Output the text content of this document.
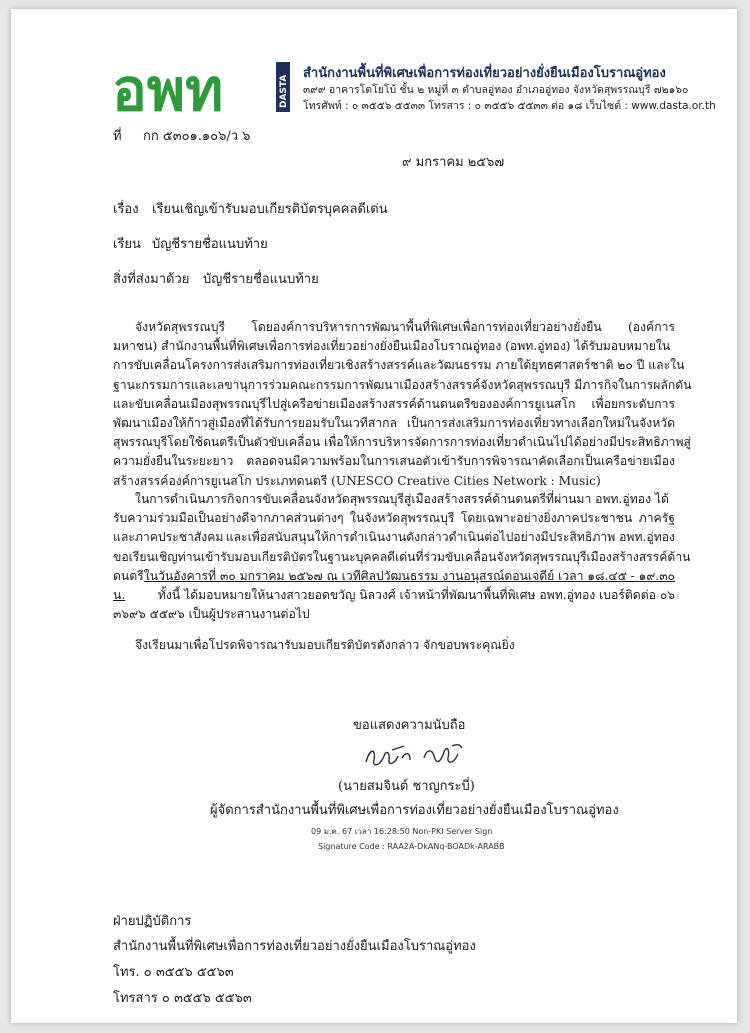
อพท	DASTA
สำนักงานพื้นที่พิเศษเพื่อการท่องเที่ยวอย่างยั่งยืนเมืองโบราณอู่ทอง
๓๙๙ อาคารโตโยโบ้ ชั้น ๒ หมู่ที่ ๓ ตำบลอู่ทอง อำเภออู่ทอง จังหวัดสุพรรณบุรี ๗๒๑๖๐
โทรศัพท์ : ๐ ๓๕๕๖ ๕๕๓๓ โทรสาร : ๐ ๓๕๕๖ ๕๕๓๓ ต่อ ๑๘ เว็บไซต์ : www.dasta.or.th
ที่ กก ๕๓๐๑.๑๐๖/ว ๖
๙ มกราคม ๒๕๖๗
เรื่อง เรียนเชิญเข้ารับมอบเกียรติบัตรบุคคลดีเด่น
เรียน บัญชีรายชื่อแนบท้าย
สิ่งที่ส่งมาด้วย บัญชีรายชื่อแนบท้าย
จังหวัดสุพรรณบุรี โดยองค์การบริหารการพัฒนาพื้นที่พิเศษเพื่อการท่องเที่ยวอย่างยั่งยืน (องค์การ
มหาชน) สำนักงานพื้นที่พิเศษเพื่อการท่องเที่ยวอย่างยั่งยืนเมืองโบราณอู่ทอง (อพท.อู่ทอง) ได้รับมอบหมายใน
การขับเคลื่อนโครงการส่งเสริมการท่องเที่ยวเชิงสร้างสรรค์และวัฒนธรรม ภายใต้ยุทธศาสตร์ชาติ ๒๐ ปี และใน
ฐานะกรรมการและเลขานุการร่วมคณะกรรมการพัฒนาเมืองสร้างสรรค์จังหวัดสุพรรณบุรี มีภารกิจในการผลักดัน
และขับเคลื่อนเมืองสุพรรณบุรีไปสู่เครือข่ายเมืองสร้างสรรค์ด้านดนตรีขององค์การยูเนสโก เพื่อยกระดับการ
พัฒนาเมืองให้ก้าวสู่เมืองที่ได้รับการยอมรับในเวทีสากล เป็นการส่งเสริมการท่องเที่ยวทางเลือกใหม่ในจังหวัด
สุพรรณบุรีโดยใช้ดนตรีเป็นตัวขับเคลื่อน เพื่อให้การบริหารจัดการการท่องเที่ยวดำเนินไปได้อย่างมีประสิทธิภาพสู่
ความยั่งยืนในระยะยาว ตลอดจนมีความพร้อมในการเสนอตัวเข้ารับการพิจารณาคัดเลือกเป็นเครือข่ายเมือง
สร้างสรรค์องค์การยูเนสโก ประเภทดนตรี (UNESCO Creative Cities Network : Music)
ในการดำเนินภารกิจการขับเคลื่อนจังหวัดสุพรรณบุรีสู่เมืองสร้างสรรค์ด้านดนตรีที่ผ่านมา อพท.อู่ทอง ได้
รับความร่วมมือเป็นอย่างดีจากภาคส่วนต่างๆ ในจังหวัดสุพรรณบุรี โดยเฉพาะอย่างยิ่งภาคประชาชน ภาครัฐ
และภาคประชาสังคม และเพื่อสนับสนุนให้การดำเนินงานดังกล่าวดำเนินต่อไปอย่างมีประสิทธิภาพ อพท.อู่ทอง
ขอเรียนเชิญท่านเข้ารับมอบเกียรติบัตรในฐานะบุคคลดีเด่นที่ร่วมขับเคลื่อนจังหวัดสุพรรณบุรีเมืองสร้างสรรค์ด้าน
ดนตรี ในวันอังคารที่ ๓๐ มกราคม ๒๕๖๗ ณ เวทีศิลปวัฒนธรรม งานอนุสรณ์ดอนเจดีย์ เวลา ๑๘.๔๕ - ๑๙.๓๐
น.	ทั้งนี้ ได้มอบหมายให้นางสาวยอดขวัญ นิลวงศ์ เจ้าหน้าที่พัฒนาพื้นที่พิเศษ อพท.อู่ทอง เบอร์ติดต่อ ๐๖
๓๖๙๖ ๕๕๙๖ เป็นผู้ประสานงานต่อไป
จึงเรียนมาเพื่อโปรดพิจารณารับมอบเกียรติบัตรดังกล่าว จักขอบพระคุณยิ่ง
ขอแสดงความนับถือ
(นายสมจินต์ ชาญกระบี่)
ผู้จัดการสำนักงานพื้นที่พิเศษเพื่อการท่องเที่ยวอย่างยั่งยืนเมืองโบราณอู่ทอง
09 ม.ค. 67 เวลา 16:28:50 Non-PKI Server Sign
Signature Code : RAA2A-DkANq-BOADk-ARABB
ฝ่ายปฏิบัติการ
สำนักงานพื้นที่พิเศษเพื่อการท่องเที่ยวอย่างยั่งยืนเมืองโบราณอู่ทอง
โทร. ๐ ๓๕๕๖ ๕๕๖๓
โทรสาร ๐ ๓๕๕๖ ๕๕๖๓
